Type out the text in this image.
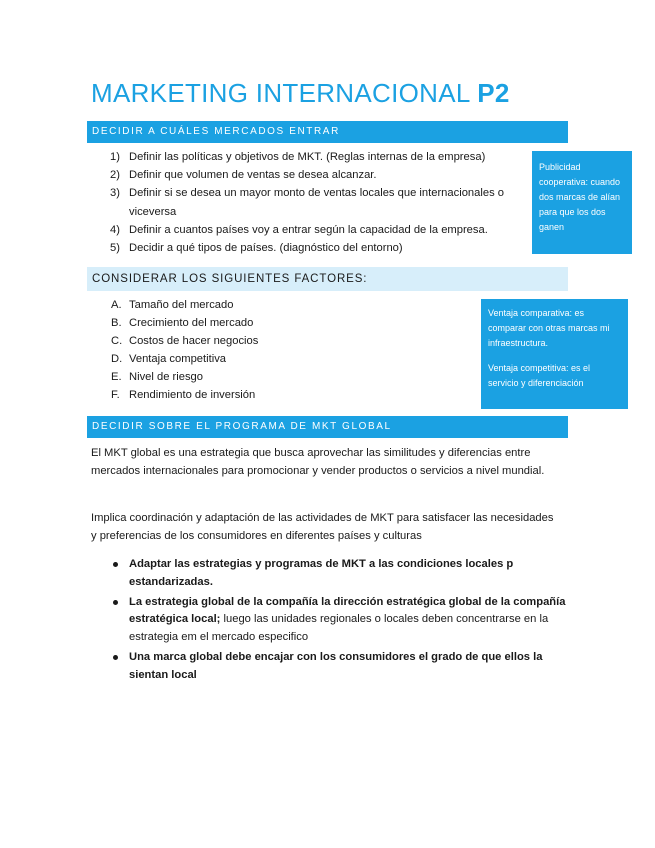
MARKETING INTERNACIONAL P2
DECIDIR A CUÁLES MERCADOS ENTRAR
1) Definir las políticas y objetivos de MKT. (Reglas internas de la empresa)
2) Definir que volumen de ventas se desea alcanzar.
3) Definir si se desea un mayor monto de ventas locales que internacionales o viceversa
4) Definir a cuantos países voy a entrar según la capacidad de la empresa.
5) Decidir a qué tipos de países. (diagnóstico del entorno)

Publicidad cooperativa: cuando dos marcas de alían para que los dos ganen

CONSIDERAR LOS SIGUIENTES FACTORES:
A. Tamaño del mercado
B. Crecimiento del mercado
C. Costos de hacer negocios
D. Ventaja competitiva
E. Nivel de riesgo
F. Rendimiento de inversión

Ventaja comparativa: es comparar con otras marcas mi infraestructura.

Ventaja competitiva: es el servicio y diferenciación

DECIDIR SOBRE EL PROGRAMA DE MKT GLOBAL

El MKT global es una estrategia que busca aprovechar las similitudes y diferencias entre mercados internacionales para promocionar y vender productos o servicios a nivel mundial.

Implica coordinación y adaptación de las actividades de MKT para satisfacer las necesidades y preferencias de los consumidores en diferentes países y culturas

Adaptar las estrategias y programas de MKT a las condiciones locales p estandarizadas.
La estrategia global de la compañía la dirección estratégica global de la compañía estratégica local; luego las unidades regionales o locales deben concentrarse en la estrategia em el mercado especifico
Una marca global debe encajar con los consumidores el grado de que ellos la sientan local
